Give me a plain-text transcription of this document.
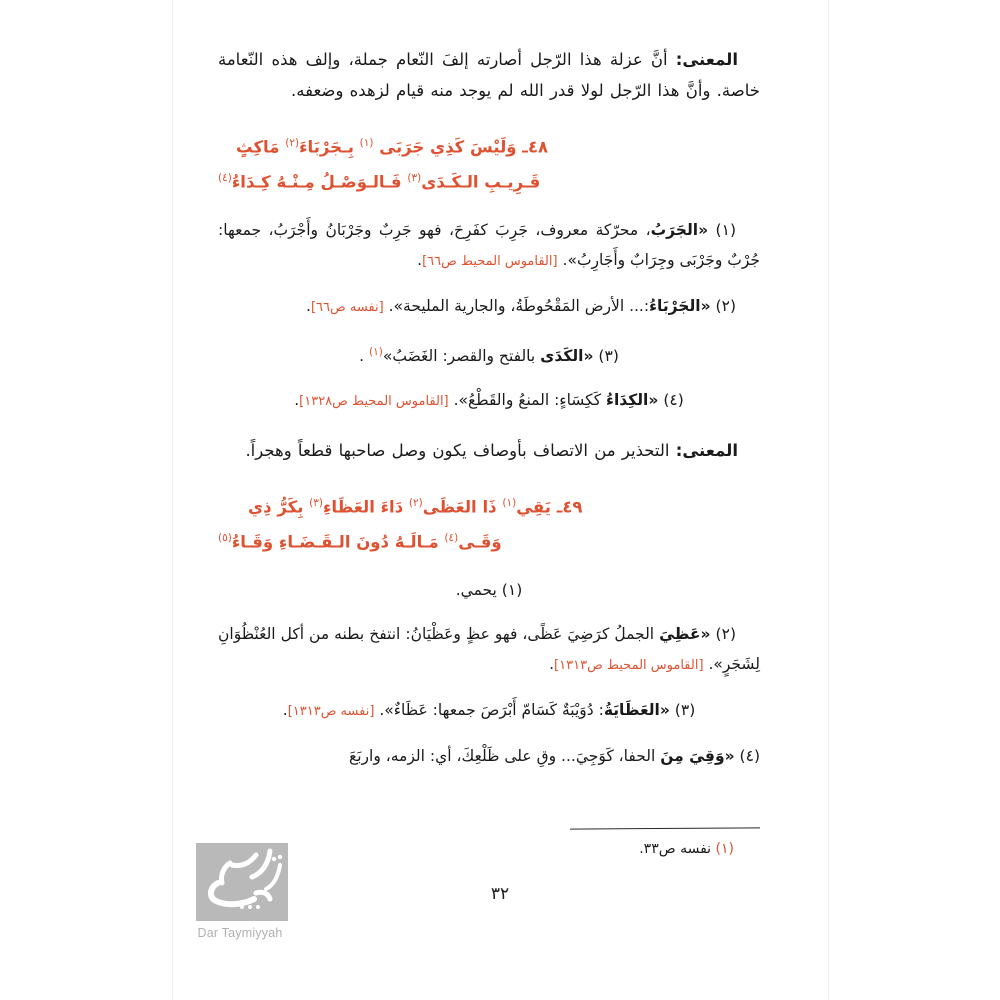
المعنى: أنَّ عزلة هذا الرّجل أصارته إلفَ النّعام جملة، وإلف هذه النّعامة خاصة. وأنَّ هذا الرّجل لولا قدر الله لم يوجد منه قيام لزهده وضعفه.

٤٨ـ وَلَيْسَ كَذِي جَرَبَى $^{(١)}$ بِـجَرْبَاءَ$^{(٢)}$ مَاكِثٍ
قَـرِيـبِ الـكَـدَى$^{(٣)}$ فَـالـوَصْـلُ مِـنْـهُ كِـدَاءُ$^{(٤)}$

(١) «الجَرَبُ، محرّكة معروف، جَرِبَ كفَرِحَ، فهو جَرِبٌ وجَرْبَانُ وأَجْرَبُ، جمعها: جُرْبٌ وجَرْبَى وجِرَابٌ وأَجَارِبُ». [القاموس المحيط ص٦٦].

(٢) «الجَرْبَاءُ:... الأرض المَقْحُوطَةُ، والجارية المليحة». [نفسه ص٦٦].

(٣) «الكَدَى بالفتح والقصر: الغَضَبُ»$^{(١)}$ .

(٤) «الكِدَاءُ كَكِسَاءٍ: المنعُ والقَطْعُ». [القاموس المحيط ص١٣٢٨].

المعنى: التحذير من الاتصاف بأوصاف يكون وصل صاحبها قطعاً وهجراً.

٤٩ـ يَقِي$^{(١)}$ ذَا العَظَى$^{(٢)}$ دَاءَ العَظَاءِ$^{(٣)}$ بِكَرُّ ذِي
وَقَـى$^{(٤)}$ مَـالَـهُ دُونَ الـقَـضَـاءِ وَقَـاءُ$^{(٥)}$

(١) يحمي.

(٢) «عَظِيَ الجملُ كرَضِيَ عَظًى، فهو عظٍ وعَظْيَانُ: انتفخ بطنه من أكل العُنْظُوَانِ لِشَجَرٍ». [القاموس المحيط ص١٣١٣].

(٣) «العَظَايَةُ: دُوَيْبَةٌ كَسَامّ أَبْرَصَ جمعها: عَظَاءٌ». [نفسه ص١٣١٣].

(٤) «وَقِيَ مِنَ الحفا، كَوَجِيَ... وقِ على ظَلْعِكَ، أي: الزمه، واربَعَ

(١) نفسه ص٣٣.
٣٢
Dar Taymiyyah
